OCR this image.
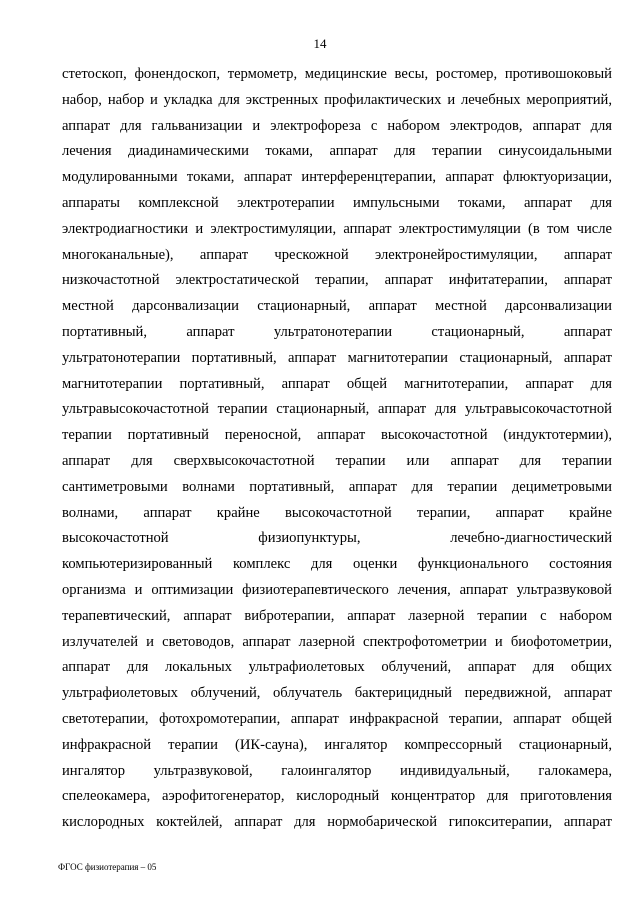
14
стетоскоп, фонендоскоп, термометр, медицинские весы, ростомер, противошоковый
набор, набор и укладка для экстренных профилактических и лечебных мероприятий,
аппарат для гальванизации и электрофореза с набором электродов, аппарат для
лечения диадинамическими токами, аппарат для терапии синусоидальными
модулированными токами, аппарат интерференцтерапии, аппарат флюктуоризации,
аппараты комплексной электротерапии импульсными токами, аппарат для
электродиагностики и электростимуляции, аппарат электростимуляции (в том числе
многоканальные), аппарат чрескожной электронейростимуляции, аппарат
низкочастотной электростатической терапии, аппарат инфитатерапии, аппарат
местной дарсонвализации стационарный, аппарат местной дарсонвализации
портативный, аппарат ультратонотерапии стационарный, аппарат
ультратонотерапии портативный, аппарат магнитотерапии стационарный, аппарат
магнитотерапии портативный, аппарат общей магнитотерапии, аппарат для
ультравысокочастотной терапии стационарный, аппарат для ультравысокочастотной
терапии портативный переносной, аппарат высокочастотной (индуктотермии),
аппарат для сверхвысокочастотной терапии или аппарат для терапии
сантиметровыми волнами портативный, аппарат для терапии дециметровыми
волнами, аппарат крайне высокочастотной терапии, аппарат крайне
высокочастотной физиопунктуры, лечебно-диагностический
компьютеризированный комплекс для оценки функционального состояния
организма и оптимизации физиотерапевтического лечения, аппарат ультразвуковой
терапевтический, аппарат вибротерапии, аппарат лазерной терапии с набором
излучателей и световодов, аппарат лазерной спектрофотометрии и биофотометрии,
аппарат для локальных ультрафиолетовых облучений, аппарат для общих
ультрафиолетовых облучений, облучатель бактерицидный передвижной, аппарат
светотерапии, фотохромотерапии, аппарат инфракрасной терапии, аппарат общей
инфракрасной терапии (ИК-сауна), ингалятор компрессорный стационарный,
ингалятор ультразвуковой, галоингалятор индивидуальный, галокамера,
спелеокамера, аэрофитогенератор, кислородный концентратор для приготовления
кислородных коктейлей, аппарат для нормобарической гипокситерапии, аппарат
ФГОС физиотерапия – 05
